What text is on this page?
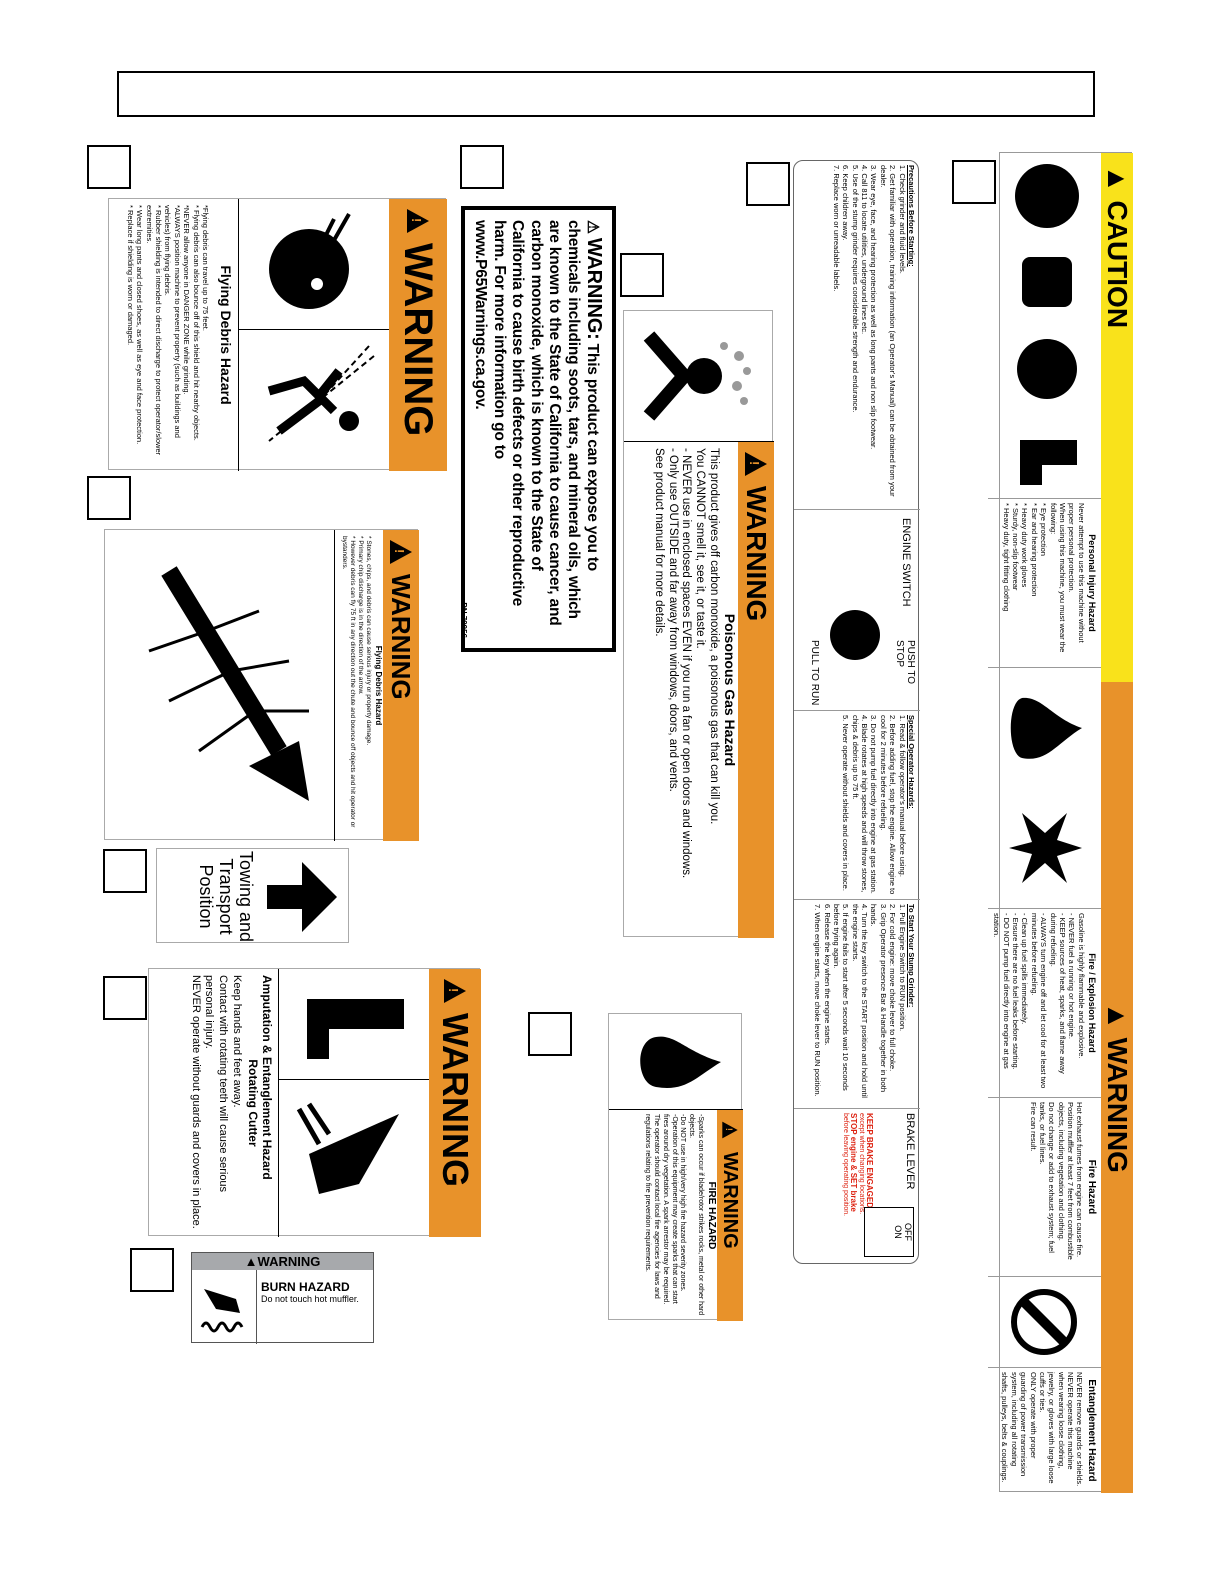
!
WARNING
Flying Debris Hazard
*Flying debris can travel up to 75 feet.
* Flying debris can also bounce off of this shield and hit nearby objects.
*NEVER allow anyone in DANGER ZONE while grinding.
*ALWAYS position machine to prevent property (such as buildings and vehicles) from flying debris.
* Rubber shielding is intended to direct discharge to protect operator/slower extremities.
* Wear long pants and closed shoes, as well as eye and face protection.
* Replace if shielding is worn or damaged.
!
WARNING
Flying Debris Hazard
* Stones, chips, and debris can cause serious injury or property damage.
* Primary chip discharge is in the direction of the arrow.
* However debris can fly 75 ft in any direction out the chute and bounce off objects and hit operator or bystanders.
Towing and
Transport
Position
!
WARNING
Amputation & Entanglement Hazard
Rotating Cutter
Keep hands and feet away.
Contact with rotating teeth will cause serious personal injury.
NEVER operate without guards and covers in place.
▲WARNING
BURN HAZARD
Do not touch hot muffler.
⚠ WARNING: This product can expose you to chemicals including soots, tars, and mineral oils, which are known to the State of California to cause cancer, and carbon monoxide, which is known to the State of California to cause birth defects or other reproductive harm. For more information go to www.P65Warnings.ca.gov.
PN 79956
!	WARNING
Poisonous Gas Hazard
This product gives off carbon monoxide, a poisonous gas that can kill you.
You CANNOT smell it, see it, or taste it.
- NEVER use in enclosed spaces EVEN if you run a fan or open doors and windows.
- Only use OUTSIDE and far away from windows, doors, and vents.
See product manual for more details.
Precautions Before Starting:
1. Check grinder and fluid levels.
2. Get familiar with operation, training information (an Operator's Manual) can be obtained from your dealer.
3. Wear eye, face, and hearing protection as well as long pants and non slip footwear.
4. Call 811 to locate utilities, underground lines etc.
5. Use of the stump grinder requires considerable strength and endurance.
6. Keep children away.
7. Replace worn or unreadable labels.
ENGINE SWITCH
PUSH TO STOP
PULL TO RUN
Special Operator Hazards:
1. Read & follow operator's manual before using.
2. Before adding fuel, stop the engine. Allow engine to cool for 2 minutes before refueling.
3. Do not pump fuel directly into engine at gas station.
4. Blade rotates at high speeds and will throw stones, chips & debris up to 75 ft.
5. Never operate without shields and covers in place.
To Start Your Stump Grinder:
1. Pull Engine Switch to RUN position.
2. For cold engine: move choke lever to full choke.
3. Grip Operator presence Bar & Handle together in both hands.
4. Turn the key switch to the START position and hold until the engine starts.
5. If engine fails to start after 5 seconds wait 10 seconds before trying again.
6. Release the key when the engine starts.
7. When engine starts, move choke lever to RUN position.
BRAKE LEVER
OFF
ON
KEEP BRAKE ENGAGED
except when changing locations.
STOP engine & SET brake
before leaving operating position.
!
WARNING
FIRE HAZARD
-Sparks can occur if blade/rotor strikes rocks, metal or other hard objects.
-Do NOT use in high/very high fire hazard severity zones.
-Operation of this equipment may create sparks that can start fires around dry vegetation. A spark arrestor may be required. The operator should contact local fire agencies for laws and regulations relating to fire prevention requirements.
▲

CAUTION
▲

WARNING
Personal Injury Hazard
Never attempt to use this machine without proper personal protection.
When using this machine, you must wear the following:
* Eye protection
* Ear and hearing protection
* Heavy duty work gloves
* Sturdy, non-slip footwear
* Heavy duty, tight fitting clothing
Fire / Explosion Hazard
Gasoline is highly flammable and explosive.
- NEVER fuel a running or hot engine.
- KEEP sources of heat, sparks, and flame away during refueling.
- ALWAYS turn engine off and let cool for at least two minutes before refueling.
- Clean up fuel spills immediately.
- Ensure there are no fuel leaks before starting.
- DO NOT pump fuel directly into engine at gas station.
Fire Hazard
Hot exhaust fumes from engine can cause fire.
Position muffler at least 7 feet from combustible objects, including vegetation and clothing.
Do not change or add to exhaust system; fuel tanks, or fuel lines.
Fire can result.
Entanglement Hazard
NEVER remove guards or shields.
NEVER operate this machine when wearing loose clothing, jewelry, or gloves with large loose cuffs or ties.
ONLY operate with proper guarding of power transmission system, including all rotating shafts, pulleys, belts & couplings.
